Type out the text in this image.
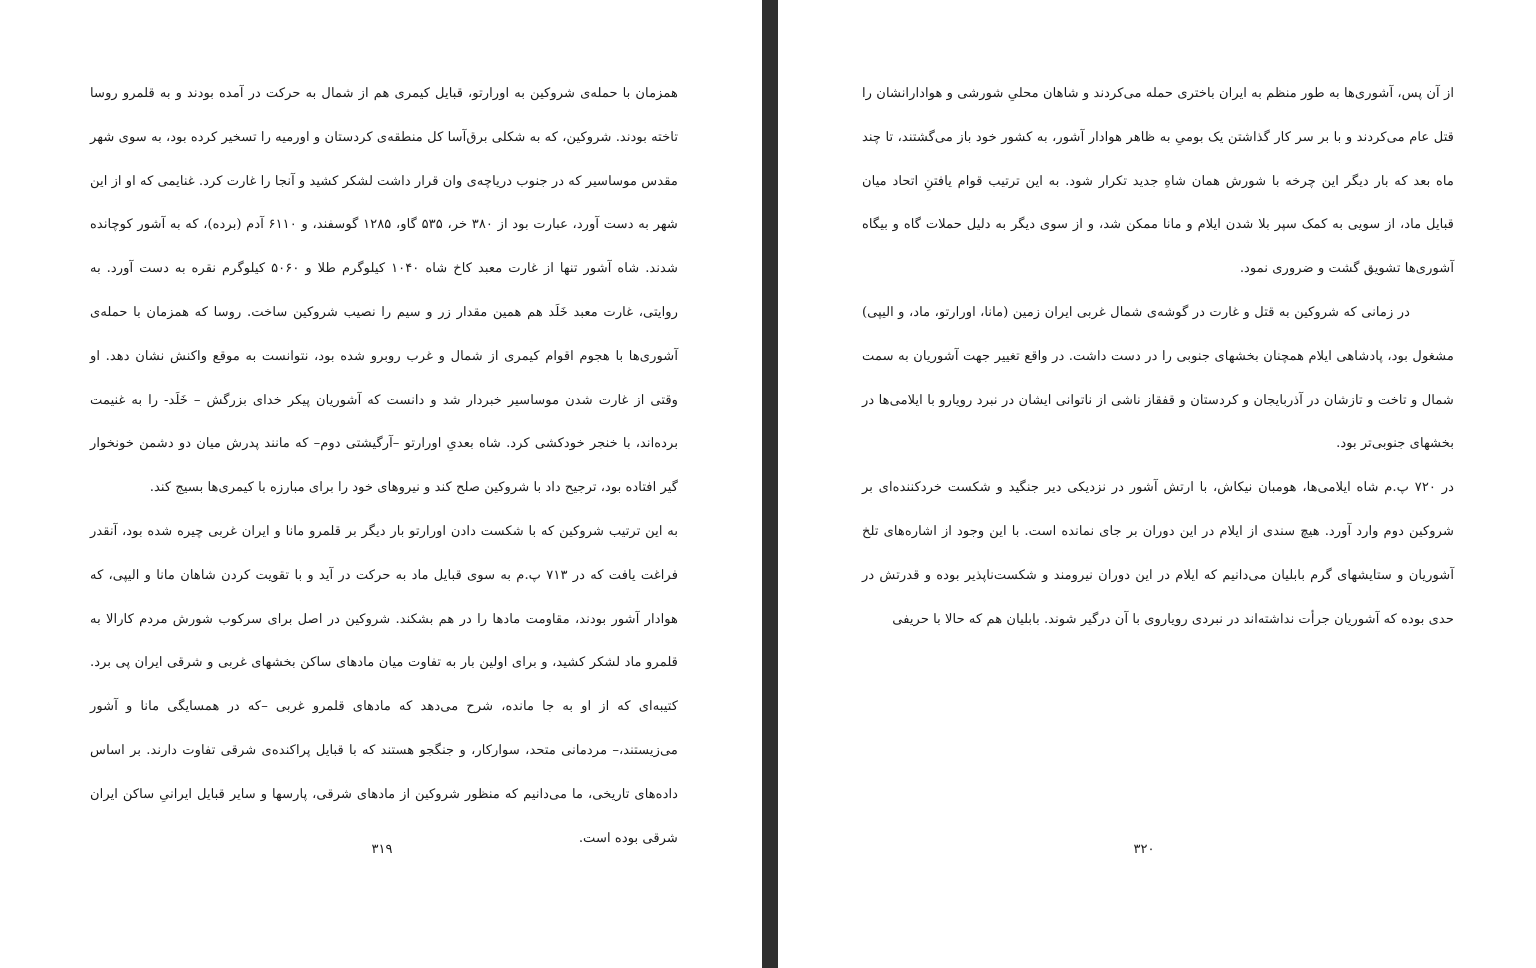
همزمان با حمله‌ی شروکین به اورارتو، قبایل کیمری هم از شمال به حرکت در آمده بودند و به قلمرو روسا تاخته بودند. شروکین، که به شکلی برق‌آسا کل منطقه‌ی کردستان و اورمیه را تسخیر کرده بود، به سوی شهر مقدس موساسیر که در جنوب دریاچه‌ی وان قرار داشت لشکر کشید و آنجا را غارت کرد. غنایمی که او از این شهر به دست آورد، عبارت بود از ۳۸۰ خر، ۵۳۵ گاو، ۱۲۸۵ گوسفند، و ۶۱۱۰ آدم (برده)، که به آشور کوچانده شدند. شاه آشور تنها از غارت معبد کاخ شاه ۱۰۴۰ کیلوگرم طلا و ۵۰۶۰ کیلوگرم نقره به دست آورد. به روایتی، غارت معبد خَلَد هم همین مقدار زر و سیم را نصیب شروکین ساخت. روسا که همزمان با حمله‌ی آشوری‌ها با هجوم اقوام کیمری از شمال و غرب روبرو شده بود، نتوانست به موقع واکنش نشان دهد. او وقتی از غارت شدن موساسیر خبردار شد و دانست که آشوریان پیکر خدای بزرگش – خَلَد- را به غنیمت برده‌اند، با خنجر خودکشی کرد. شاه بعدیِ اورارتو –آرگیشتی دوم– که مانند پدرش میان دو دشمن خونخوار گیر افتاده بود، ترجیح داد با شروکین صلح کند و نیروهای خود را برای مبارزه با کیمری‌ها بسیج کند.

به این ترتیب شروکین که با شکست دادن اورارتو بار دیگر بر قلمرو مانا و ایران غربی چیره شده بود، آنقدر فراغت یافت که در ۷۱۳ پ.م به سوی قبایل ماد به حرکت در آید و با تقویت کردن شاهان مانا و الیپی، که هوادار آشور بودند، مقاومت مادها را در هم بشکند. شروکین در اصل برای سرکوب شورش مردم کارالا به قلمرو ماد لشکر کشید، و برای اولین بار به تفاوت میان مادهای ساکن بخشهای غربی و شرقی ایران پی برد. کتیبه‌ای که از او به جا مانده، شرح می‌دهد که مادهای قلمرو غربی –که در همسایگی مانا و آشور می‌زیستند،– مردمانی متحد، سوارکار، و جنگجو هستند که با قبایل پراکنده‌ی شرقی تفاوت دارند. بر اساس داده‌های تاریخی، ما می‌دانیم که منظور شروکین از مادهای شرقی، پارسها و سایر قبایل ایرانیِ ساکن ایران شرقی بوده است.

۳۱۹

از آن پس، آشوری‌ها به طور منظم به ایران باختری حمله می‌کردند و شاهان محلیِ شورشی و هوادارانشان را قتل عام می‌کردند و با بر سر کار گذاشتن یک بومیِ به ظاهر هوادار آشور، به کشور خود باز می‌گشتند، تا چند ماه بعد که بار دیگر این چرخه با شورش همان شاهِ جدید تکرار شود. به این ترتیب قوام یافتنِ اتحاد میان قبایل ماد، از سویی به کمک سپر بلا شدن ایلام و مانا ممکن شد، و از سوی دیگر به دلیل حملات گاه و بیگاه آشوری‌ها تشویق گشت و ضروری نمود.

در زمانی که شروکین به قتل و غارت در گوشه‌ی شمال غربی ایران زمین (مانا، اورارتو، ماد، و الیپی) مشغول بود، پادشاهی ایلام همچنان بخشهای جنوبی را در دست داشت. در واقع تغییر جهت آشوریان به سمت شمال و تاخت و تازشان در آذربایجان و کردستان و قفقاز ناشی از ناتوانی ایشان در نبرد رویارو با ایلامی‌ها در بخشهای جنوبی‌تر بود.

در ۷۲۰ پ.م شاه ایلامی‌ها، هومبان نیکاش، با ارتش آشور در نزدیکی دیر جنگید و شکست خردکننده‌ای بر شروکین دوم وارد آورد. هیچ سندی از ایلام در این دوران بر جای نمانده است. با این وجود از اشاره‌های تلخ آشوریان و ستایشهای گرم بابلیان می‌دانیم که ایلام در این دوران نیرومند و شکست‌ناپذیر بوده و قدرتش در حدی بوده که آشوریان جرأت نداشته‌اند در نبردی رویاروی با آن درگیر شوند. بابلیان هم که حالا با حریفی

۳۲۰
